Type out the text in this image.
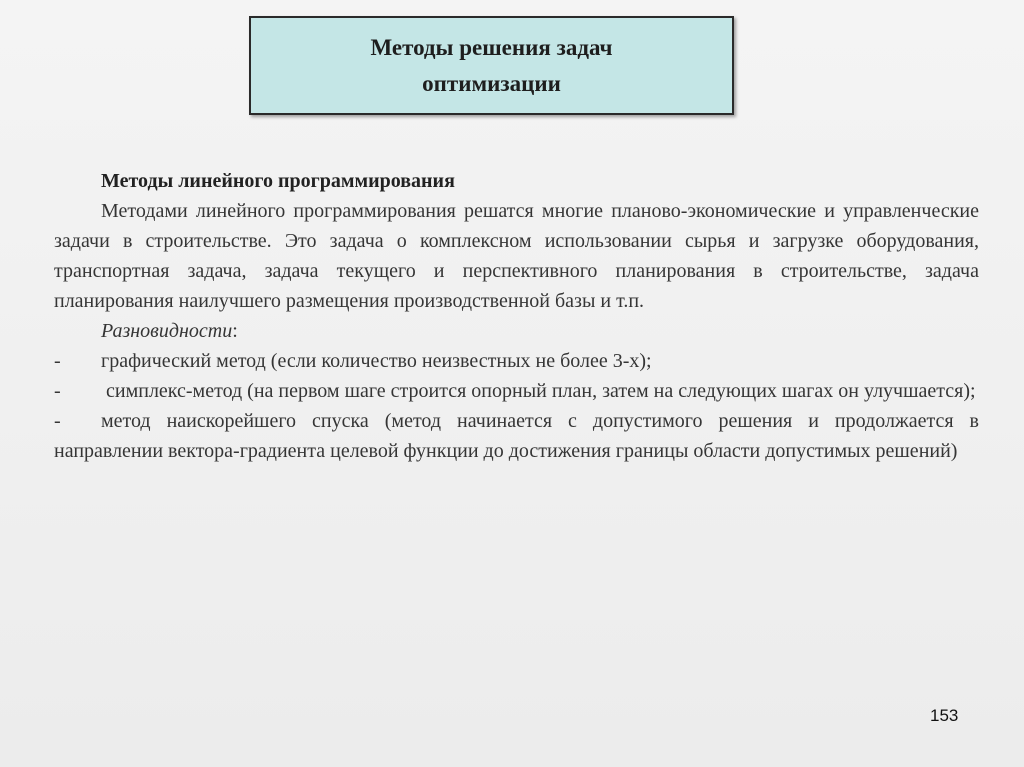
Методы решения задач
оптимизации

Методы линейного программирования

Методами линейного программирования решатся многие планово-экономические и управленческие задачи в строительстве. Это задача о комплексном использовании сырья и загрузке оборудования, транспортная задача, задача текущего и перспективного планирования в строительстве, задача планирования наилучшего размещения производственной базы и т.п.

Разновидности:

-	графический метод (если количество неизвестных не более 3-х);
- симплекс-метод (на первом шаге строится опорный план, затем на следующих шагах он улучшается);
- метод наискорейшего спуска (метод начинается с допустимого решения и продолжается в направлении вектора-градиента целевой функции до достижения границы области допустимых решений)
153
